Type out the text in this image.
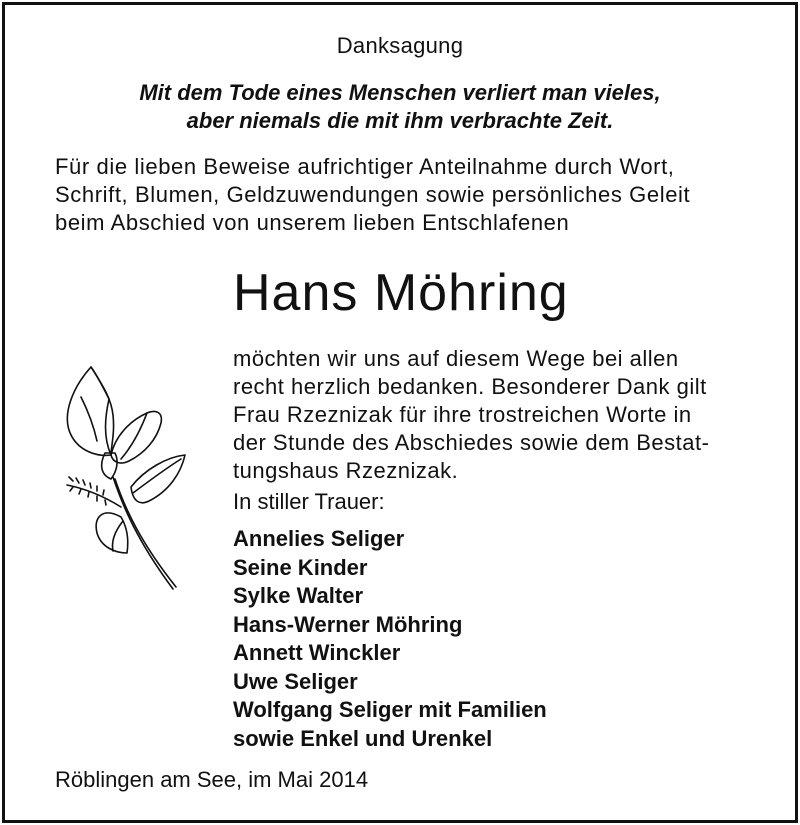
Danksagung
Mit dem Tode eines Menschen verliert man vieles,
aber niemals die mit ihm verbrachte Zeit.
Für die lieben Beweise aufrichtiger Anteilnahme durch Wort,
Schrift, Blumen, Geldzuwendungen sowie persönliches Geleit
beim Abschied von unserem lieben Entschlafenen
Hans Möhring
möchten wir uns auf diesem Wege bei allen
recht herzlich bedanken. Besonderer Dank gilt
Frau Rzeznizak für ihre trostreichen Worte in
der Stunde des Abschiedes sowie dem Bestat-
tungshaus Rzeznizak.
In stiller Trauer:
Annelies Seliger
Seine Kinder
Sylke Walter
Hans-Werner Möhring
Annett Winckler
Uwe Seliger
Wolfgang Seliger mit Familien
sowie Enkel und Urenkel
Röblingen am See, im Mai 2014
